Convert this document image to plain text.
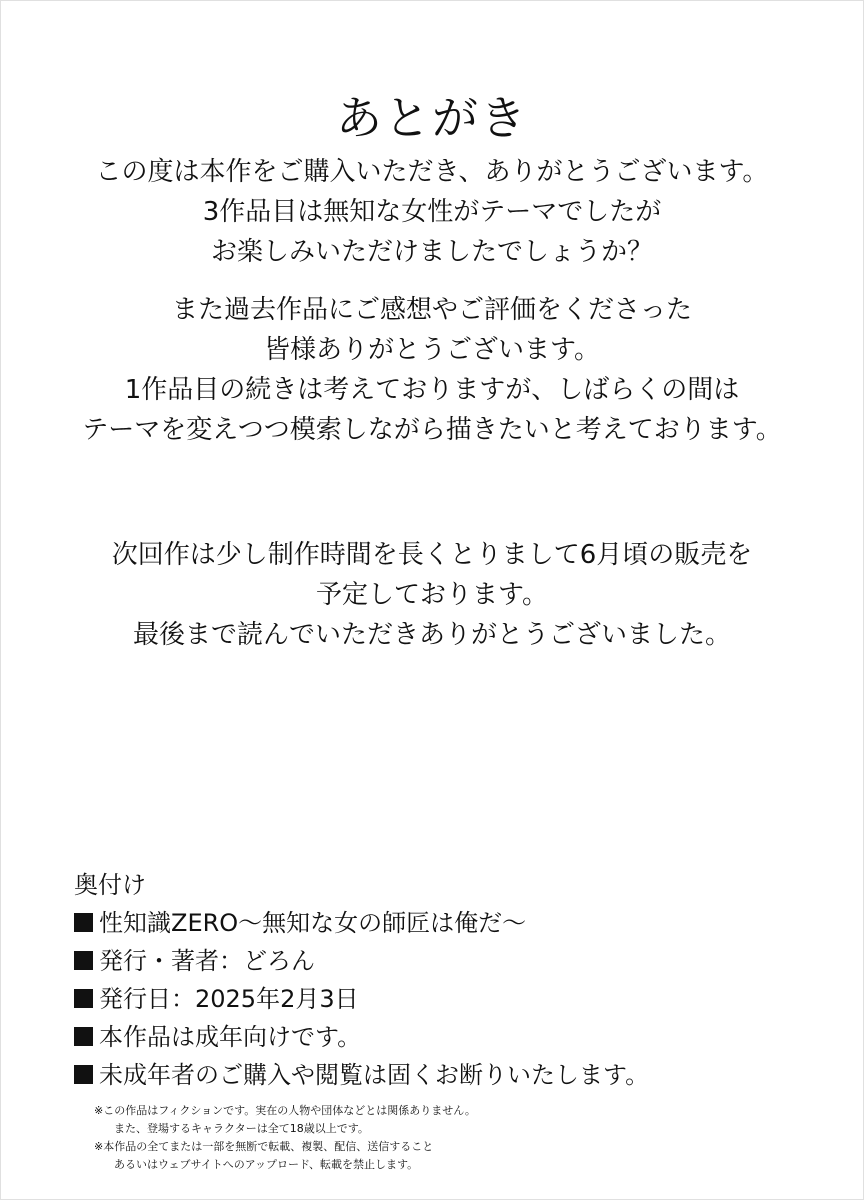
あとがき
この度は本作をご購入いただき、ありがとうございます。
3作品目は無知な女性がテーマでしたが
お楽しみいただけましたでしょうか？
また過去作品にご感想やご評価をくださった
皆様ありがとうございます。
1作品目の続きは考えておりますが、しばらくの間は
テーマを変えつつ模索しながら描きたいと考えております。
次回作は少し制作時間を長くとりまして6月頃の販売を
予定しております。
最後まで読んでいただきありがとうございました。
奥付け
性知識ZERO～無知な女の師匠は俺だ～
発行・著者：どろん
発行日：2025年2月3日
本作品は成年向けです。
未成年者のご購入や閲覧は固くお断りいたします。
※この作品はフィクションです。実在の人物や団体などとは関係ありません。
また、登場するキャラクターは全て18歳以上です。
※本作品の全てまたは一部を無断で転載、複製、配信、送信すること
あるいはウェブサイトへのアップロード、転載を禁止します。
